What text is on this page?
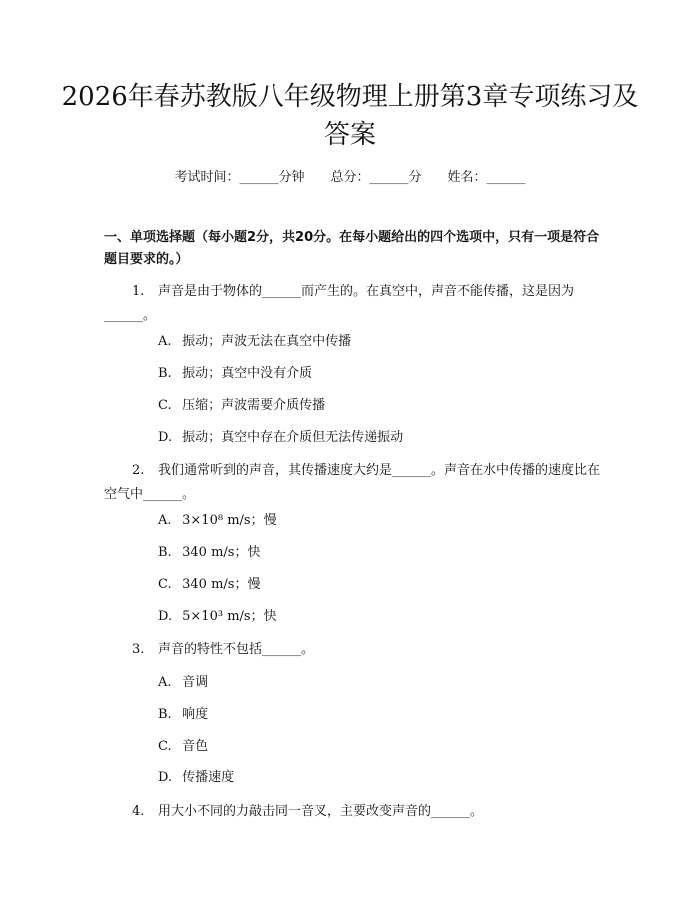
2026年春苏教版八年级物理上册第3章专项练习及答案
考试时间：______分钟 总分：______分 姓名：______

一、单项选择题（每小题2分，共20分。在每小题给出的四个选项中，只有一项是符合题目要求的。）

1. 声音是由于物体的______而产生的。在真空中，声音不能传播，这是因为______。

A. 振动；声波无法在真空中传播

B. 振动；真空中没有介质

C. 压缩；声波需要介质传播

D. 振动；真空中存在介质但无法传递振动

2. 我们通常听到的声音，其传播速度大约是______。声音在水中传播的速度比在空气中______。

A. 3×10⁸ m/s；慢

B. 340 m/s；快

C. 340 m/s；慢

D. 5×10³ m/s；快

3. 声音的特性不包括______。

A. 音调

B. 响度

C. 音色

D. 传播速度

4. 用大小不同的力敲击同一音叉，主要改变声音的______。
